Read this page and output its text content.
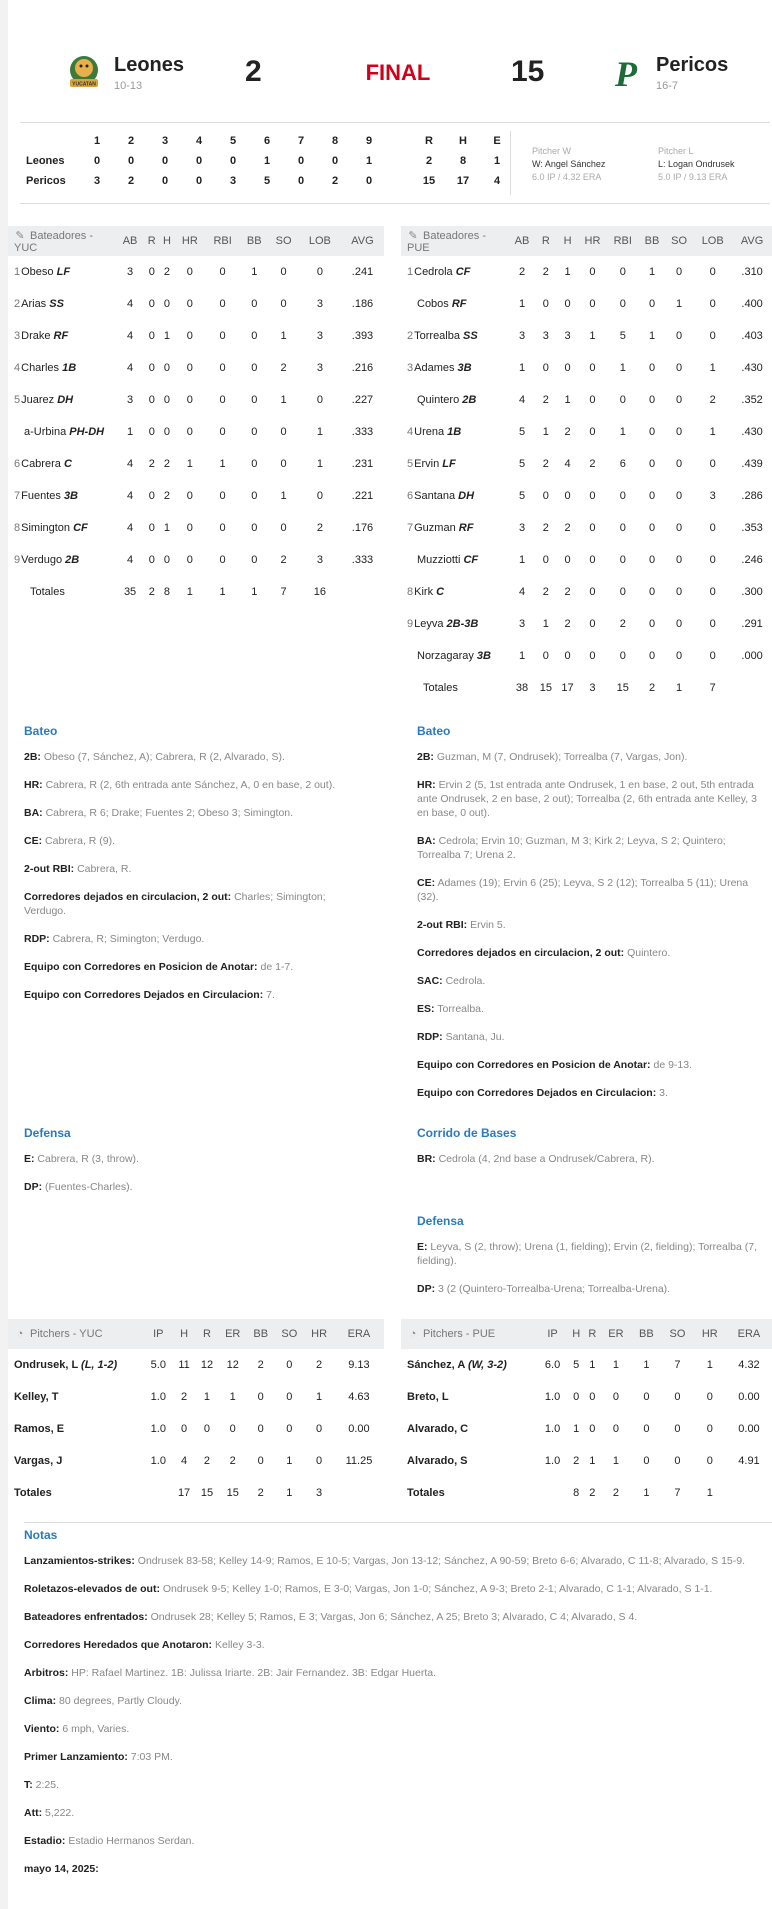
YUCATAN
Leones
10-13	2	FINAL	15 P Pericos
16-7
	1	2	3	4	5	6	7	8	9		R	H	E
Leones	0	0	0	0	0	1	0	0	1		2	8	1
Pericos	3	2	0	0	3	5	0	2	0		15	17	4
Pitcher W
W: Angel Sánchez
6.0 IP / 4.32 ERA
Pitcher L
L: Logan Ondrusek
5.0 IP / 9.13 ERA
✎ Bateadores - YUC	AB	R	H	HR	RBI	BB	SO	LOB	AVG
1Obeso LF	3	0	2	0	0	1	0	0	.241
2Arias SS	4	0	0	0	0	0	0	3	.186
3Drake RF	4	0	1	0	0	0	1	3	.393
4Charles 1B	4	0	0	0	0	0	2	3	.216
5Juarez DH	3	0	0	0	0	0	1	0	.227
a-Urbina PH-DH	1	0	0	0	0	0	0	1	.333
6Cabrera C	4	2	2	1	1	0	0	1	.231
7Fuentes 3B	4	0	2	0	0	0	1	0	.221
8Simington CF	4	0	1	0	0	0	0	2	.176
9Verdugo 2B	4	0	0	0	0	0	2	3	.333
Totales	35	2	8	1	1	1	7	16	
✎ Bateadores - PUE	AB	R	H	HR	RBI	BB	SO	LOB	AVG
1Cedrola CF	2	2	1	0	0	1	0	0	.310
Cobos RF	1	0	0	0	0	0	1	0	.400
2Torrealba SS	3	3	3	1	5	1	0	0	.403
3Adames 3B	1	0	0	0	1	0	0	1	.430
Quintero 2B	4	2	1	0	0	0	0	2	.352
4Urena 1B	5	1	2	0	1	0	0	1	.430
5Ervin LF	5	2	4	2	6	0	0	0	.439
6Santana DH	5	0	0	0	0	0	0	3	.286
7Guzman RF	3	2	2	0	0	0	0	0	.353
Muzziotti CF	1	0	0	0	0	0	0	0	.246
8Kirk C	4	2	2	0	0	0	0	0	.300
9Leyva 2B-3B	3	1	2	0	2	0	0	0	.291
Norzagaray 3B	1	0	0	0	0	0	0	0	.000
Totales	38	15	17	3	15	2	1	7	
Bateo

2B: Obeso (7, Sánchez, A); Cabrera, R (2, Alvarado, S).

HR: Cabrera, R (2, 6th entrada ante Sánchez, A, 0 en base, 2 out).

BA: Cabrera, R 6; Drake; Fuentes 2; Obeso 3; Simington.

CE: Cabrera, R (9).

2-out RBI: Cabrera, R.

Corredores dejados en circulacion, 2 out: Charles; Simington; Verdugo.

RDP: Cabrera, R; Simington; Verdugo.

Equipo con Corredores en Posicion de Anotar: de 1-7.

Equipo con Corredores Dejados en Circulacion: 7.

Defensa

E: Cabrera, R (3, throw).

DP: (Fuentes-Charles).

Bateo

2B: Guzman, M (7, Ondrusek); Torrealba (7, Vargas, Jon).

HR: Ervin 2 (5, 1st entrada ante Ondrusek, 1 en base, 2 out, 5th entrada ante Ondrusek, 2 en base, 2 out); Torrealba (2, 6th entrada ante Kelley, 3 en base, 0 out).

BA: Cedrola; Ervin 10; Guzman, M 3; Kirk 2; Leyva, S 2; Quintero; Torrealba 7; Urena 2.

CE: Adames (19); Ervin 6 (25); Leyva, S 2 (12); Torrealba 5 (11); Urena (32).

2-out RBI: Ervin 5.

Corredores dejados en circulacion, 2 out: Quintero.

SAC: Cedrola.

ES: Torrealba.

RDP: Santana, Ju.

Equipo con Corredores en Posicion de Anotar: de 9-13.

Equipo con Corredores Dejados en Circulacion: 3.

Corrido de Bases

BR: Cedrola (4, 2nd base a Ondrusek/Cabrera, R).

Defensa

E: Leyva, S (2, throw); Urena (1, fielding); Ervin (2, fielding); Torrealba (7, fielding).

DP: 3 (2 (Quintero-Torrealba-Urena; Torrealba-Urena).

◔ Pitchers - YUC	IP	H	R	ER	BB	SO	HR	ERA
Ondrusek, L (L, 1-2)	5.0	11	12	12	2	0	2	9.13
Kelley, T	1.0	2	1	1	0	0	1	4.63
Ramos, E	1.0	0	0	0	0	0	0	0.00
Vargas, J	1.0	4	2	2	0	1	0	11.25
Totales		17	15	15	2	1	3	
◔ Pitchers - PUE	IP	H	R	ER	BB	SO	HR	ERA
Sánchez, A (W, 3-2)	6.0	5	1	1	1	7	1	4.32
Breto, L	1.0	0	0	0	0	0	0	0.00
Alvarado, C	1.0	1	0	0	0	0	0	0.00
Alvarado, S	1.0	2	1	1	0	0	0	4.91
Totales		8	2	2	1	7	1	
Notas

Lanzamientos-strikes: Ondrusek 83-58; Kelley 14-9; Ramos, E 10-5; Vargas, Jon 13-12; Sánchez, A 90-59; Breto 6-6; Alvarado, C 11-8; Alvarado, S 15-9.

Roletazos-elevados de out: Ondrusek 9-5; Kelley 1-0; Ramos, E 3-0; Vargas, Jon 1-0; Sánchez, A 9-3; Breto 2-1; Alvarado, C 1-1; Alvarado, S 1-1.

Bateadores enfrentados: Ondrusek 28; Kelley 5; Ramos, E 3; Vargas, Jon 6; Sánchez, A 25; Breto 3; Alvarado, C 4; Alvarado, S 4.

Corredores Heredados que Anotaron: Kelley 3-3.

Arbitros: HP: Rafael Martinez. 1B: Julissa Iriarte. 2B: Jair Fernandez. 3B: Edgar Huerta.

Clima: 80 degrees, Partly Cloudy.

Viento: 6 mph, Varies.

Primer Lanzamiento: 7:03 PM.

T: 2:25.

Att: 5,222.

Estadio: Estadio Hermanos Serdan.

mayo 14, 2025:
